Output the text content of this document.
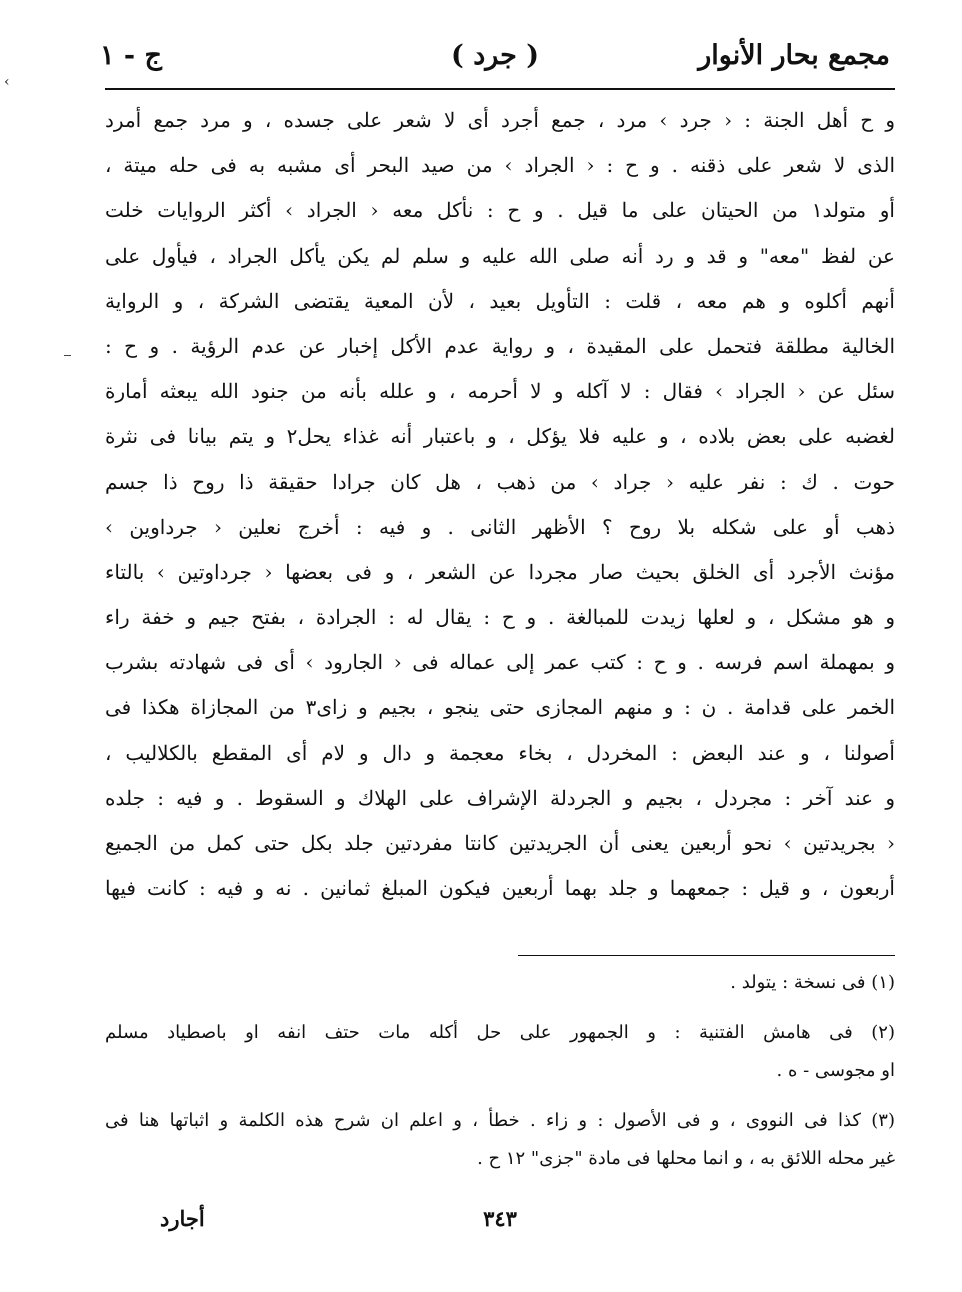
‹
مجمع بحار الأنوار
( جرد )
ج - ١
و ح أهل الجنة : ‹ جرد › مرد ، جمع أجرد أى لا شعر على جسده ، و مرد جمع أمرد
الذى لا شعر على ذقنه . و ح : ‹ الجراد › من صيد البحر أى مشبه به فى حله ميتة ،
أو متولد١ من الحيتان على ما قيل . و ح : نأكل معه ‹ الجراد › أكثر الروايات خلت
عن لفظ "معه" و قد و رد أنه صلى الله عليه و سلم لم يكن يأكل الجراد ، فيأول على
أنهم أكلوه و هم معه ، قلت : التأويل بعيد ، لأن المعية يقتضى الشركة ، و الرواية
الخالية مطلقة فتحمل على المقيدة ، و رواية عدم الأكل إخبار عن عدم الرؤية . و ح :
سئل عن ‹ الجراد › فقال : لا آكله و لا أحرمه ، و علله بأنه من جنود الله يبعثه أمارة
لغضبه على بعض بلاده ، و عليه فلا يؤكل ، و باعتبار أنه غذاء يحل٢ و يتم بيانا فى نثرة
حوت . ك : نفر عليه ‹ جراد › من ذهب ، هل كان جرادا حقيقة ذا روح ذا جسم
ذهب أو على شكله بلا روح ؟ الأظهر الثانى . و فيه : أخرج نعلين ‹ جرداوين ›
مؤنث الأجرد أى الخلق بحيث صار مجردا عن الشعر ، و فى بعضها ‹ جرداوتين › بالتاء
و هو مشكل ، و لعلها زيدت للمبالغة . و ح : يقال له : الجرادة ، بفتح جيم و خفة راء
و بمهملة اسم فرسه . و ح : كتب عمر إلى عماله فى ‹ الجارود › أى فى شهادته بشرب
الخمر على قدامة . ن : و منهم المجازى حتى ينجو ، بجيم و زاى٣ من المجازاة هكذا فى
أصولنا ، و عند البعض : المخردل ، بخاء معجمة و دال و لام أى المقطع بالكلاليب ،
و عند آخر : مجردل ، بجيم و الجردلة الإشراف على الهلاك و السقوط . و فيه : جلده
‹ بجريدتين › نحو أربعين يعنى أن الجريدتين كانتا مفردتين جلد بكل حتى كمل من الجميع
أربعون ، و قيل : جمعهما و جلد بهما أربعين فيكون المبلغ ثمانين . نه و فيه : كانت فيها
(١) فى نسخة : يتولد .
(٢) فى هامش الفتنية : و الجمهور على حل أكله مات حتف انفه او باصطياد مسلم
او مجوسى - ه .
(٣) كذا فى النووى ، و فى الأصول : و زاء . خطأ ، و اعلم ان شرح هذه الكلمة و اثباتها هنا فى
غير محله اللائق به ، و انما محلها فى مادة "جزى" ١٢ ح .
٣٤٣
أجارد
